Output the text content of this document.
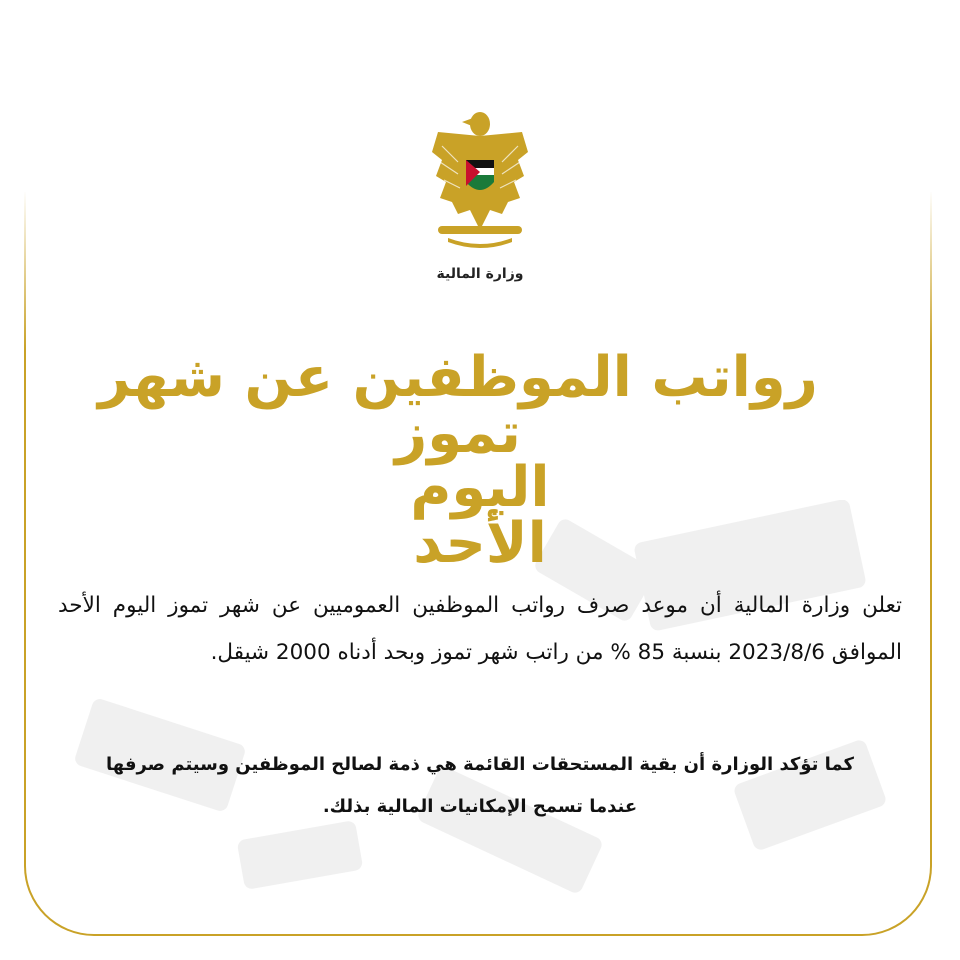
وزارة المالية
رواتب الموظفين عن شهر تموز
اليوم الأحد
تعلن وزارة المالية أن موعد صرف رواتب الموظفين العموميين عن شهر تموز اليوم الأحد الموافق 2023/8/6 بنسبة 85 % من راتب شهر تموز وبحد أدناه 2000 شيقل.
كما تؤكد الوزارة أن بقية المستحقات القائمة هي ذمة لصالح الموظفين وسيتم صرفها عندما تسمح الإمكانيات المالية بذلك.
